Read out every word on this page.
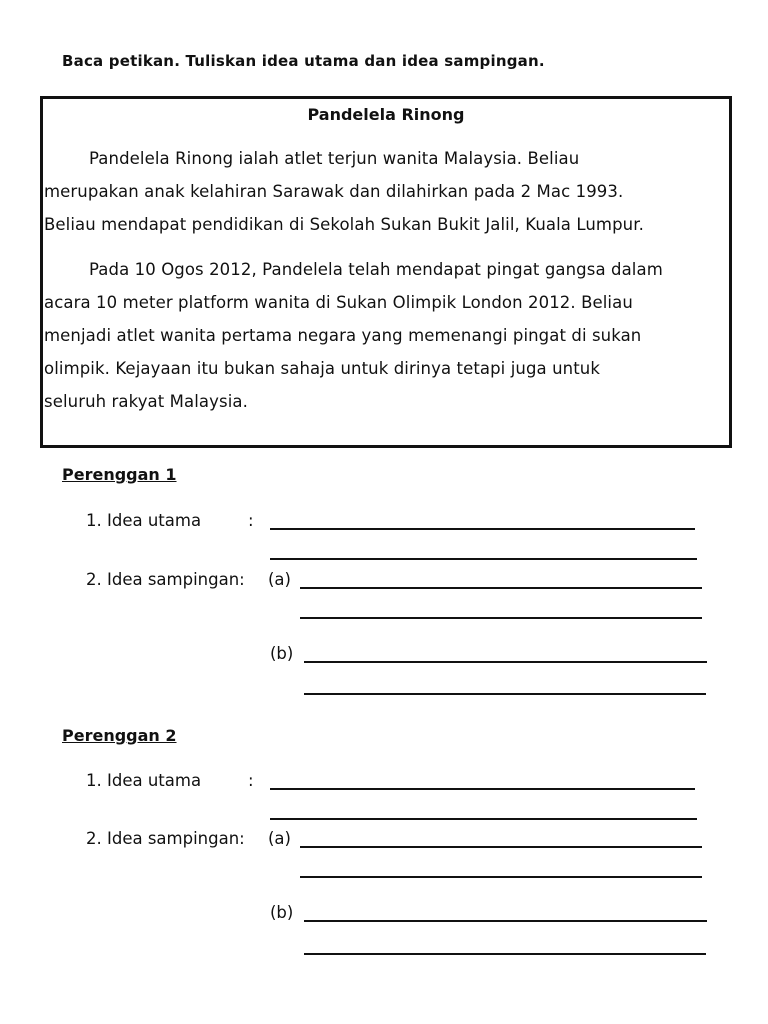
Baca petikan. Tuliskan idea utama dan idea sampingan.
Pandelela Rinong
Pandelela Rinong ialah atlet terjun wanita Malaysia. Beliau
merupakan anak kelahiran Sarawak dan dilahirkan pada 2 Mac 1993.
Beliau mendapat pendidikan di Sekolah Sukan Bukit Jalil, Kuala Lumpur.
Pada 10 Ogos 2012, Pandelela telah mendapat pingat gangsa dalam
acara 10 meter platform wanita di Sukan Olimpik London 2012. Beliau
menjadi atlet wanita pertama negara yang memenangi pingat di sukan
olimpik. Kejayaan itu bukan sahaja untuk dirinya tetapi juga untuk
seluruh rakyat Malaysia.
Perenggan 1
1. Idea utama	:
2. Idea sampingan: (a)
(b)
Perenggan 2
1. Idea utama	:
2. Idea sampingan: (a)
(b)
